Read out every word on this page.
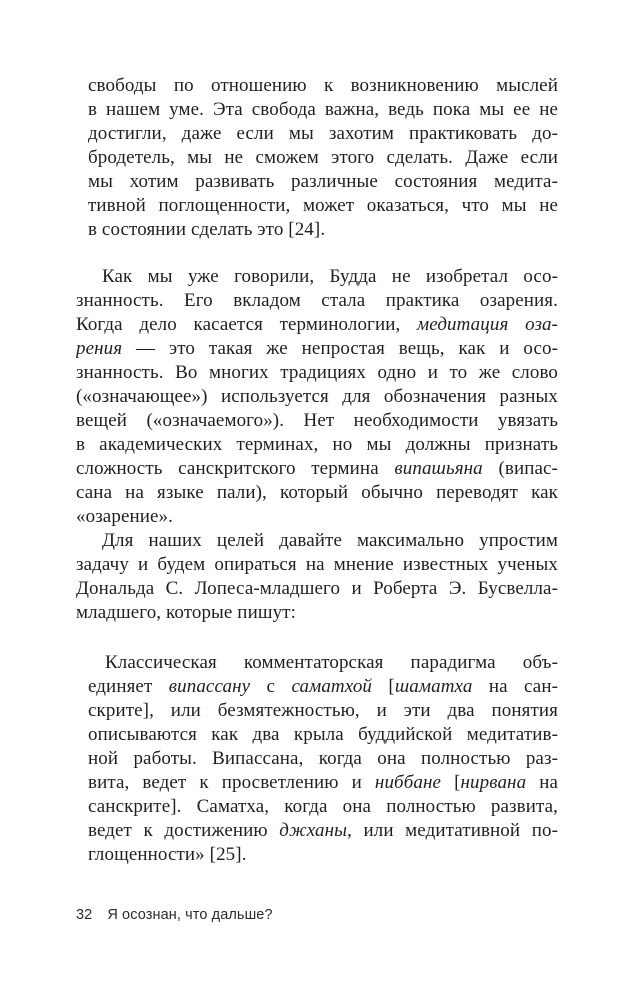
свободы по отношению к возникновению мыслей
в нашем уме. Эта свобода важна, ведь пока мы ее не
достигли, даже если мы захотим практиковать до-
бродетель, мы не сможем этого сделать. Даже если
мы хотим развивать различные состояния медита-
тивной поглощенности, может оказаться, что мы не
в состоянии сделать это [24].
Как мы уже говорили, Будда не изобретал осо-
знанность. Его вкладом стала практика озарения.
Когда дело касается терминологии, медитация оза-
рения — это такая же непростая вещь, как и осо-
знанность. Во многих традициях одно и то же слово
(«означающее») используется для обозначения разных
вещей («означаемого»). Нет необходимости увязать
в академических терминах, но мы должны признать
сложность санскритского термина випашьяна (випас-
сана на языке пали), который обычно переводят как
«озарение».
Для наших целей давайте максимально упростим
задачу и будем опираться на мнение известных ученых
Дональда С. Лопеса-младшего и Роберта Э. Бусвелла-
младшего, которые пишут:
Классическая комментаторская парадигма объ-
единяет випассану с саматхой [шаматха на сан-
скрите], или безмятежностью, и эти два понятия
описываются как два крыла буддийской медитатив-
ной работы. Випассана, когда она полностью раз-
вита, ведет к просветлению и ниббане [нирвана на
санскрите]. Саматха, когда она полностью развита,
ведет к достижению джханы, или медитативной по-
глощенности» [25].
32 Я осознан, что дальше?
